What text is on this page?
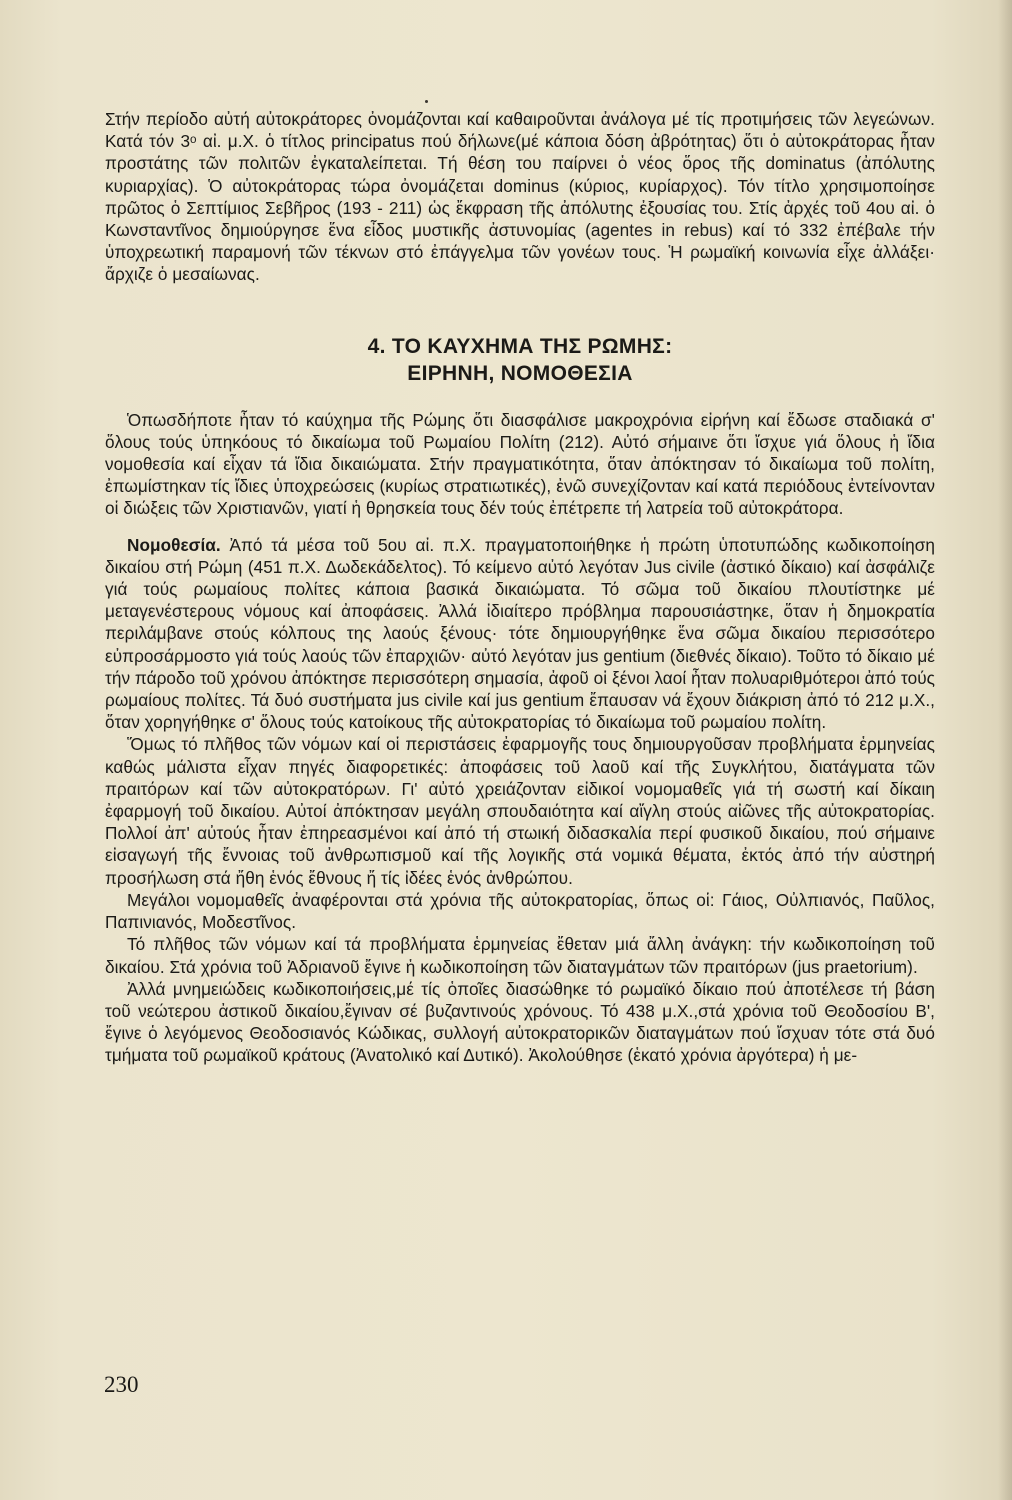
Στήν περίοδο αὐτή αὐτοκράτορες ὀνομάζονται καί καθαιροῦνται ἀνάλογα μέ τίς προτιμήσεις τῶν λεγεώνων. Κατά τόν 3ᵒ αἰ. μ.Χ. ὁ τίτλος principatus πού δήλωνε(μέ κάποια δόση ἀβρότητας) ὅτι ὁ αὐτοκράτορας ἦταν προστάτης τῶν πολιτῶν ἐγκαταλείπεται. Τή θέση του παίρνει ὁ νέος ὅρος τῆς dominatus (ἀπόλυτης κυριαρχίας). Ὁ αὐτοκράτορας τώρα ὀνομάζεται dominus (κύριος, κυρίαρχος). Τόν τίτλο χρησιμοποίησε πρῶτος ὁ Σεπτίμιος Σεβῆρος (193 - 211) ὡς ἔκφραση τῆς ἀπόλυτης ἐξουσίας του. Στίς ἀρχές τοῦ 4ου αἰ. ὁ Κωνσταντῖνος δημιούργησε ἕνα εἶδος μυστικῆς ἀστυνομίας (agentes in rebus) καί τό 332 ἐπέβαλε τήν ὑποχρεωτική παραμονή τῶν τέκνων στό ἐπάγγελμα τῶν γονέων τους. Ἡ ρωμαϊκή κοινωνία εἶχε ἀλλάξει· ἄρχιζε ὁ μεσαίωνας.

4. ΤΟ ΚΑΥΧΗΜΑ ΤΗΣ ΡΩΜΗΣ:
ΕΙΡΗΝΗ, ΝΟΜΟΘΕΣΙΑ

Ὁπωσδήποτε ἦταν τό καύχημα τῆς Ρώμης ὅτι διασφάλισε μακροχρόνια εἰρήνη καί ἔδωσε σταδιακά σ' ὅλους τούς ὑπηκόους τό δικαίωμα τοῦ Ρωμαίου Πολίτη (212). Αὐτό σήμαινε ὅτι ἴσχυε γιά ὅλους ἡ ἴδια νομοθεσία καί εἶχαν τά ἴδια δικαιώματα. Στήν πραγματικότητα, ὅταν ἀπόκτησαν τό δικαίωμα τοῦ πολίτη, ἐπωμίστηκαν τίς ἴδιες ὑποχρεώσεις (κυρίως στρατιωτικές), ἐνῶ συνεχίζονταν καί κατά περιόδους ἐντείνονταν οἱ διώξεις τῶν Χριστιανῶν, γιατί ἡ θρησκεία τους δέν τούς ἐπέτρεπε τή λατρεία τοῦ αὐτοκράτορα.

Νομοθεσία. Ἀπό τά μέσα τοῦ 5ου αἰ. π.Χ. πραγματοποιήθηκε ἡ πρώτη ὑποτυπώδης κωδικοποίηση δικαίου στή Ρώμη (451 π.Χ. Δωδεκάδελτος). Τό κείμενο αὐτό λεγόταν Jus civile (ἀστικό δίκαιο) καί ἀσφάλιζε γιά τούς ρωμαίους πολίτες κάποια βασικά δικαιώματα. Τό σῶμα τοῦ δικαίου πλουτίστηκε μέ μεταγενέστερους νόμους καί ἀποφάσεις. Ἀλλά ἰδιαίτερο πρόβλημα παρουσιάστηκε, ὅταν ἡ δημοκρατία περιλάμβανε στούς κόλπους της λαούς ξένους· τότε δημιουργήθηκε ἕνα σῶμα δικαίου περισσότερο εὐπροσάρμοστο γιά τούς λαούς τῶν ἐπαρχιῶν· αὐτό λεγόταν jus gentium (διεθνές δίκαιο). Τοῦτο τό δίκαιο μέ τήν πάροδο τοῦ χρόνου ἀπόκτησε περισσότερη σημασία, ἀφοῦ οἱ ξένοι λαοί ἦταν πολυαριθμότεροι ἀπό τούς ρωμαίους πολίτες. Τά δυό συστήματα jus civile καί jus gentium ἔπαυσαν νά ἔχουν διάκριση ἀπό τό 212 μ.Χ., ὅταν χορηγήθηκε σ' ὅλους τούς κατοίκους τῆς αὐτοκρατορίας τό δικαίωμα τοῦ ρωμαίου πολίτη.

Ὅμως τό πλῆθος τῶν νόμων καί οἱ περιστάσεις ἐφαρμογῆς τους δημιουργοῦσαν προβλήματα ἑρμηνείας καθώς μάλιστα εἶχαν πηγές διαφορετικές: ἀποφάσεις τοῦ λαοῦ καί τῆς Συγκλήτου, διατάγματα τῶν πραιτόρων καί τῶν αὐτοκρατόρων. Γι' αὐτό χρειάζονταν εἰδικοί νομομαθεῖς γιά τή σωστή καί δίκαιη ἐφαρμογή τοῦ δικαίου. Αὐτοί ἀπόκτησαν μεγάλη σπουδαιότητα καί αἴγλη στούς αἰῶνες τῆς αὐτοκρατορίας. Πολλοί ἀπ' αὐτούς ἦταν ἐπηρεασμένοι καί ἀπό τή στωική διδασκαλία περί φυσικοῦ δικαίου, πού σήμαινε εἰσαγωγή τῆς ἔννοιας τοῦ ἀνθρωπισμοῦ καί τῆς λογικῆς στά νομικά θέματα, ἐκτός ἀπό τήν αὐστηρή προσήλωση στά ἤθη ἑνός ἔθνους ἤ τίς ἰδέες ἑνός ἀνθρώπου.

Μεγάλοι νομομαθεῖς ἀναφέρονται στά χρόνια τῆς αὐτοκρατορίας, ὅπως οἱ: Γάιος, Οὐλπιανός, Παῦλος, Παπινιανός, Μοδεστῖνος.

Τό πλῆθος τῶν νόμων καί τά προβλήματα ἑρμηνείας ἔθεταν μιά ἄλλη ἀνάγκη: τήν κωδικοποίηση τοῦ δικαίου. Στά χρόνια τοῦ Ἀδριανοῦ ἔγινε ἡ κωδικοποίηση τῶν διαταγμάτων τῶν πραιτόρων (jus praetorium).

Ἀλλά μνημειώδεις κωδικοποιήσεις,μέ τίς ὁποῖες διασώθηκε τό ρωμαϊκό δίκαιο πού ἀποτέλεσε τή βάση τοῦ νεώτερου ἀστικοῦ δικαίου,ἔγιναν σέ βυζαντινούς χρόνους. Τό 438 μ.Χ.,στά χρόνια τοῦ Θεοδοσίου Β', ἔγινε ὁ λεγόμενος Θεοδοσιανός Κώδικας, συλλογή αὐτοκρατορικῶν διαταγμάτων πού ἴσχυαν τότε στά δυό τμήματα τοῦ ρωμαϊκοῦ κράτους (Ἀνατολικό καί Δυτικό). Ἀκολούθησε (ἑκατό χρόνια ἀργότερα) ἡ με-

230
